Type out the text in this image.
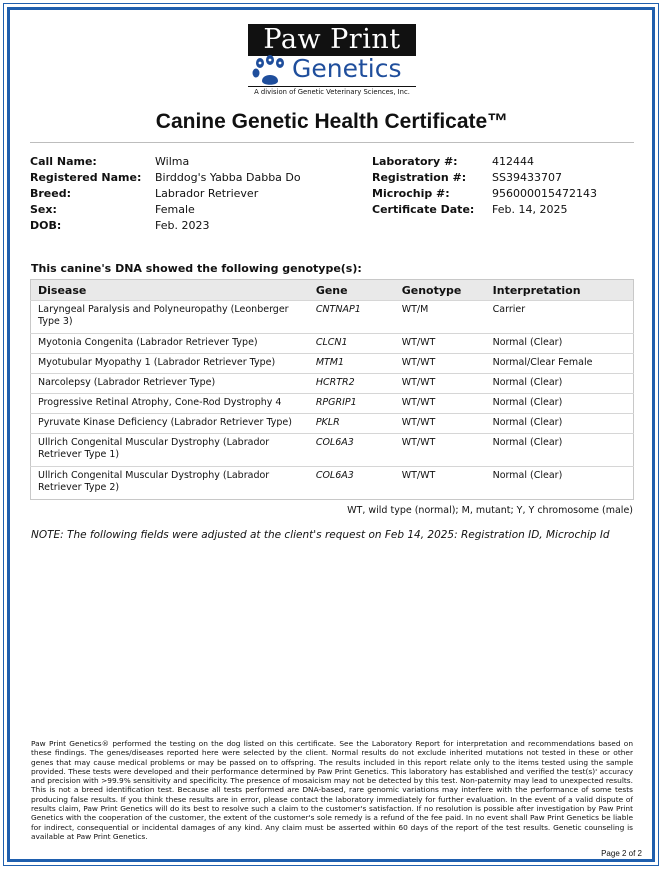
Paw Print
Genetics
A division of Genetic Veterinary Sciences, Inc.
Canine Genetic Health Certificate™
Call Name:	Wilma
Registered Name: Birddog's Yabba Dabba Do
Breed:	Labrador Retriever
Sex:	Female
DOB:	Feb. 2023
Laboratory #:	412444
Registration #: SS39433707
Microchip #:	956000015472143
Certificate Date: Feb. 14, 2025
This canine's DNA showed the following genotype(s):
Disease	Gene	Genotype	Interpretation
Laryngeal Paralysis and Polyneuropathy (Leonberger Type 3)	CNTNAP1	WT/M	Carrier
Myotonia Congenita (Labrador Retriever Type)	CLCN1	WT/WT	Normal (Clear)
Myotubular Myopathy 1 (Labrador Retriever Type)	MTM1	WT/WT	Normal/Clear Female
Narcolepsy (Labrador Retriever Type)	HCRTR2	WT/WT	Normal (Clear)
Progressive Retinal Atrophy, Cone-Rod Dystrophy 4	RPGRIP1	WT/WT	Normal (Clear)
Pyruvate Kinase Deficiency (Labrador Retriever Type)	PKLR	WT/WT	Normal (Clear)
Ullrich Congenital Muscular Dystrophy (Labrador Retriever Type 1)	COL6A3	WT/WT	Normal (Clear)
Ullrich Congenital Muscular Dystrophy (Labrador Retriever Type 2)	COL6A3	WT/WT	Normal (Clear)
WT, wild type (normal); M, mutant; Y, Y chromosome (male)
NOTE: The following fields were adjusted at the client's request on Feb 14, 2025: Registration ID, Microchip Id
Paw Print Genetics® performed the testing on the dog listed on this certificate. See the Laboratory Report for interpretation and recommendations based on these findings. The genes/diseases reported here were selected by the client. Normal results do not exclude inherited mutations not tested in these or other genes that may cause medical problems or may be passed on to offspring. The results included in this report relate only to the items tested using the sample provided. These tests were developed and their performance determined by Paw Print Genetics. This laboratory has established and verified the test(s)' accuracy and precision with >99.9% sensitivity and specificity. The presence of mosaicism may not be detected by this test. Non-paternity may lead to unexpected results. This is not a breed identification test. Because all tests performed are DNA-based, rare genomic variations may interfere with the performance of some tests producing false results. If you think these results are in error, please contact the laboratory immediately for further evaluation. In the event of a valid dispute of results claim, Paw Print Genetics will do its best to resolve such a claim to the customer's satisfaction. If no resolution is possible after investigation by Paw Print Genetics with the cooperation of the customer, the extent of the customer's sole remedy is a refund of the fee paid. In no event shall Paw Print Genetics be liable for indirect, consequential or incidental damages of any kind. Any claim must be asserted within 60 days of the report of the test results. Genetic counseling is available at Paw Print Genetics.
Page 2 of 2
